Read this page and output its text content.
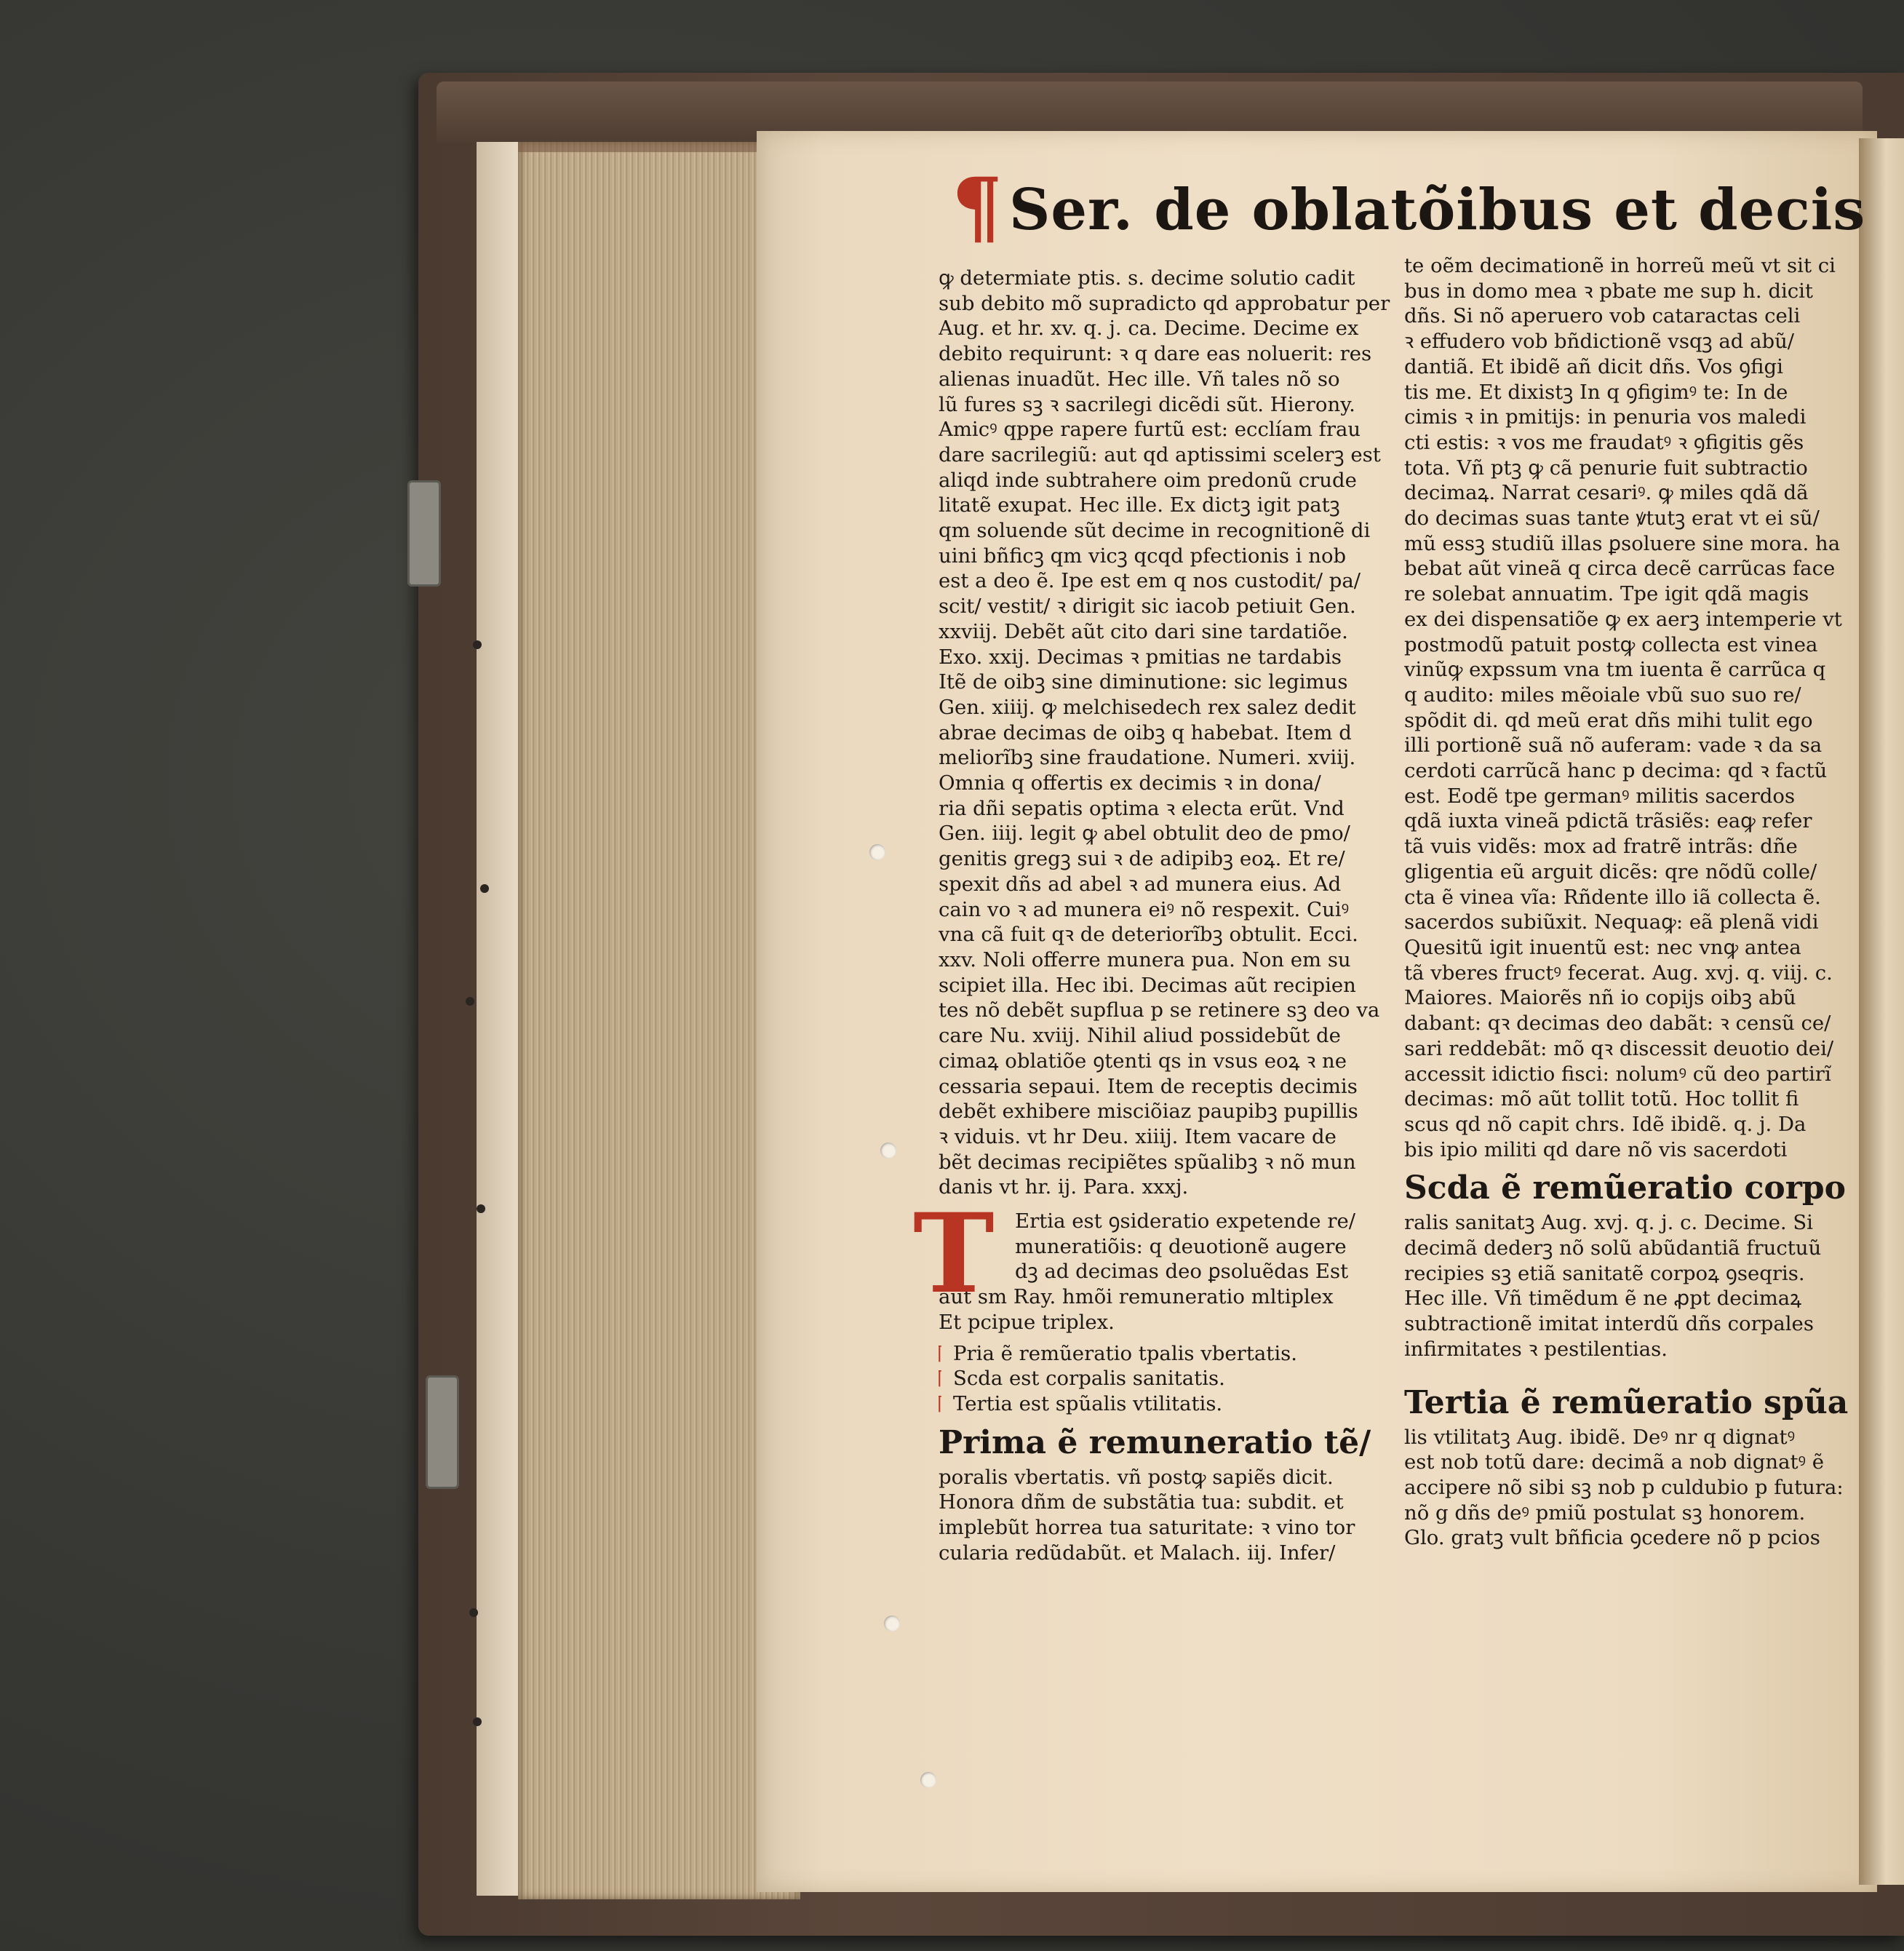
¶ Ser. de oblatõibus et decis

ꝙ determiate ptis. s. decime solutio cadit

sub debito mõ supradicto qd approbatur per

Aug. et hr. xv. q. j. ca. Decime. Decime ex

debito requirunt: ꝛ q dare eas noluerit: res

alienas inuadũt. Hec ille. Vñ tales nõ so

lũ fures sꝫ ꝛ sacrilegi dicẽdi sũt. Hierony.

Amicꝰ qppe rapere furtũ est: ecclíam frau

dare sacrilegiũ: aut qd aptissimi scelerꝫ est

aliqd inde subtrahere oim predonũ crude

litatẽ exupat. Hec ille. Ex dictꝫ igit patꝫ

qm soluende sũt decime in recognitionẽ di

uini bñficꝫ qm vicꝫ qcqd pfectionis i nob

est a deo ẽ. Ipe est em q nos custodit/ pa/

scit/ vestit/ ꝛ dirigit sic iacob petiuit Gen.

xxviij. Debẽt aũt cito dari sine tardatiõe.

Exo. xxij. Decimas ꝛ pmitias ne tardabis

Itẽ de oibꝫ sine diminutione: sic legimus

Gen. xiiij. ꝙ melchisedech rex salez dedit

abrae decimas de oibꝫ q habebat. Item d

meliorĩbꝫ sine fraudatione. Numeri. xviij.

Omnia q offertis ex decimis ꝛ in dona/

ria dñi sepatis optima ꝛ electa erũt. Vnd

Gen. iiij. legit ꝙ abel obtulit deo de pmo/

genitis gregꝫ sui ꝛ de adipibꝫ eoꝝ. Et re/

spexit dñs ad abel ꝛ ad munera eius. Ad

cain vo ꝛ ad munera eiꝰ nõ respexit. Cuiꝰ

vna cã fuit qꝛ de deteriorĩbꝫ obtulit. Ecci.

xxv. Noli offerre munera pua. Non em su

scipiet illa. Hec ibi. Decimas aũt recipien

tes nõ debẽt supflua p se retinere sꝫ deo va

care Nu. xviij. Nihil aliud possidebũt de

cimaꝝ oblatiõe ꝯtenti qs in vsus eoꝝ ꝛ ne

cessaria sepaui. Item de receptis decimis

debẽt exhibere misciõiaz paupibꝫ pupillis

ꝛ viduis. vt hr Deu. xiiij. Item vacare de

bẽt decimas recipiẽtes spũalibꝫ ꝛ nõ mun

danis vt hr. ij. Para. xxxj.

T	Ertia est ꝯsideratio expetende re/

muneratiõis: q deuotionẽ augere

dꝫ ad decimas deo ꝑsoluẽdas Est

aũt sm Ray. hmõi remuneratio mltiplex

Et pcipue triplex.

¶ Pria ẽ remũeratio tpalis vbertatis.

¶ Scda est corpalis sanitatis.

¶ Tertia est spũalis vtilitatis.

Prima ẽ remuneratio tẽ/

poralis vbertatis. vñ postꝙ sapiẽs dicit.

Honora dñm de substãtia tua: subdit. et

implebũt horrea tua saturitate: ꝛ vino tor

cularia redũdabũt. et Malach. iij. Infer/

te oẽm decimationẽ in horreũ meũ vt sit ci

bus in domo mea ꝛ pbate me sup h. dicit

dñs. Si nõ aperuero vob cataractas celi

ꝛ effudero vob bñdictionẽ vsqꝫ ad abũ/

dantiã. Et ibidẽ añ dicit dñs. Vos ꝯfigi

tis me. Et dixistꝫ In q ꝯfigimꝰ te: In de

cimis ꝛ in pmitijs: in penuria vos maledi

cti estis: ꝛ vos me fraudatꝰ ꝛ ꝯfigitis gẽs

tota. Vñ ptꝫ ꝙ cã penurie fuit subtractio

decimaꝝ. Narrat cesariꝰ. ꝙ miles qdã dã

do decimas suas tante ꝟtutꝫ erat vt ei sũ/

mũ essꝫ studiũ illas ꝑsoluere sine mora. ha

bebat aũt vineã q circa decẽ carrũcas face

re solebat annuatim. Tpe igit qdã magis

ex dei dispensatiõe ꝙ ex aerꝫ intemperie vt

postmodũ patuit postꝙ collecta est vinea

vinũꝙ expssum vna tm iuenta ẽ carrũca q

q audito: miles mẽoiale vbũ suo suo re/

spõdit di. qd meũ erat dñs mihi tulit ego

illi portionẽ suã nõ auferam: vade ꝛ da sa

cerdoti carrũcã hanc p decima: qd ꝛ factũ

est. Eodẽ tpe germanꝰ militis sacerdos

qdã iuxta vineã pdictã trãsiẽs: eaꝙ refer

tã vuis vidẽs: mox ad fratrẽ intrãs: dñe

gligentia eũ arguit dicẽs: qre nõdũ colle/

cta ẽ vinea vĩa: Rñdente illo iã collecta ẽ.

sacerdos subiũxit. Nequaꝙ: eã plenã vidi

Quesitũ igit inuentũ est: nec vnꝙ antea

tã vberes fructꝰ fecerat. Aug. xvj. q. viij. c.

Maiores. Maiorẽs nñ io copijs oibꝫ abũ

dabant: qꝛ decimas deo dabãt: ꝛ censũ ce/

sari reddebãt: mõ qꝛ discessit deuotio dei/

accessit idictio fisci: nolumꝰ cũ deo partirĩ

decimas: mõ aũt tollit totũ. Hoc tollit fi

scus qd nõ capit chrs. Idẽ ibidẽ. q. j. Da

bis ipio militi qd dare nõ vis sacerdoti

Scda ẽ remũeratio corpo

ralis sanitatꝫ Aug. xvj. q. j. c. Decime. Si

decimã dederꝫ nõ solũ abũdantiã fructuũ

recipies sꝫ etiã sanitatẽ corpoꝝ ꝯseqris.

Hec ille. Vñ timẽdum ẽ ne ꝓpt decimaꝝ

subtractionẽ imitat interdũ dñs corpales

infirmitates ꝛ pestilentias.

Tertia ẽ remũeratio spũa

lis vtilitatꝫ Aug. ibidẽ. Deꝰ nr q dignatꝰ

est nob totũ dare: decimã a nob dignatꝰ ẽ

accipere nõ sibi sꝫ nob p culdubio p futura:

nõ g dñs deꝰ pmiũ postulat sꝫ honorem.

Glo. gratꝫ vult bñficia ꝯcedere nõ p pcios
